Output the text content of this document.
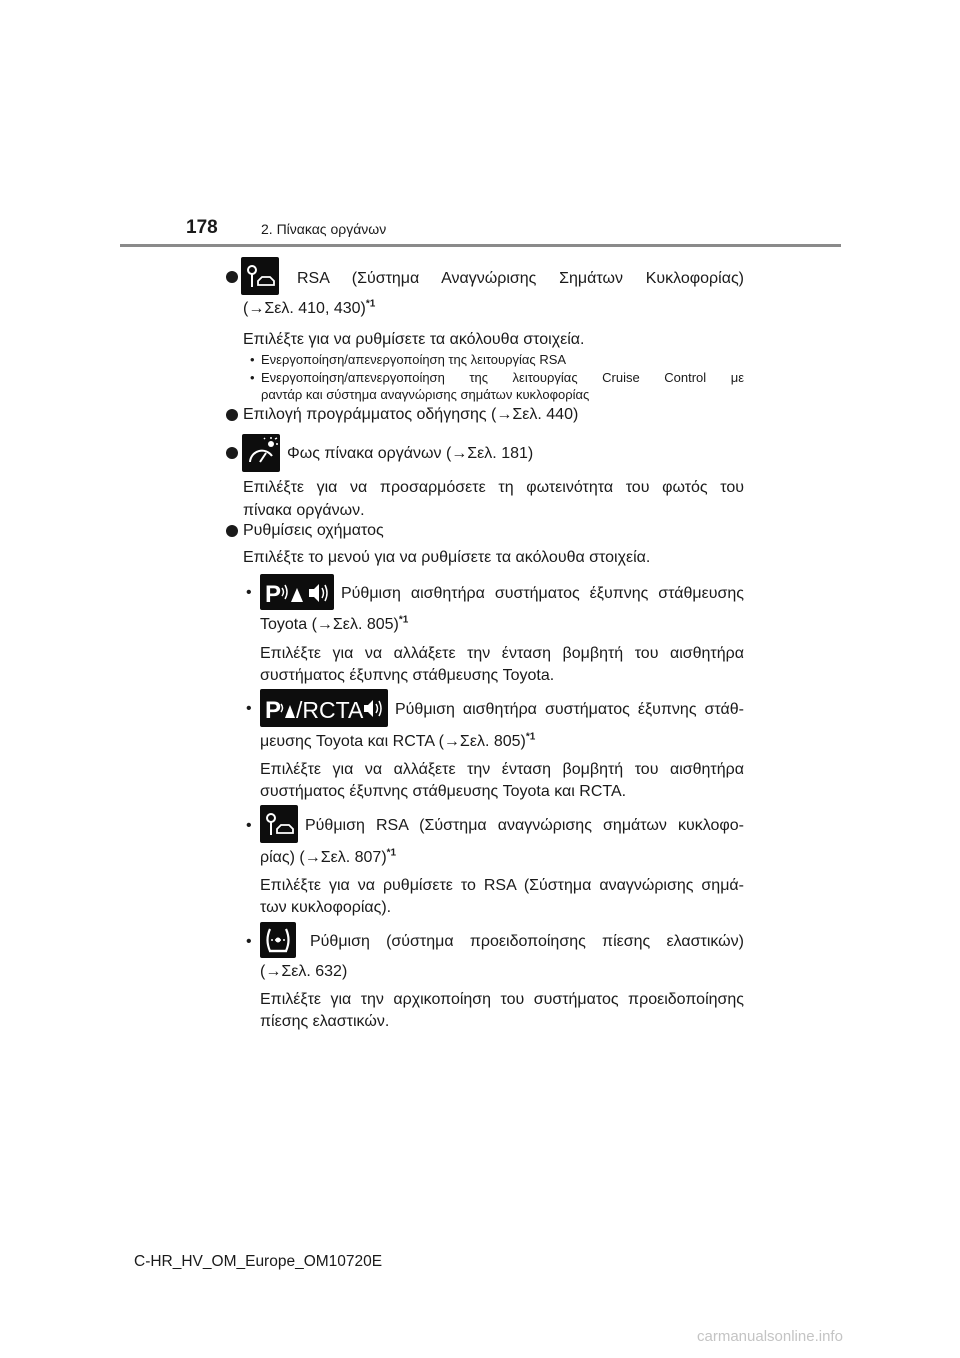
178	2. Πίνακας οργάνων
RSA (Σύστημα Αναγνώρισης Σημάτων Κυκλοφορίας)
(→Σελ. 410, 430)$^{*1}$
Επιλέξτε για να ρυθμίσετε τα ακόλουθα στοιχεία.
• Ενεργοποίηση/απενεργοποίηση της λειτουργίας RSA
• Ενεργοποίηση/απενεργοποίηση της λειτουργίας Cruise Control με
ραντάρ και σύστημα αναγνώρισης σημάτων κυκλοφορίας
Επιλογή προγράμματος οδήγησης (→Σελ. 440)
Φως πίνακα οργάνων (→Σελ. 181)
Επιλέξτε για να προσαρμόσετε τη φωτεινότητα του φωτός του
πίνακα οργάνων.
Ρυθμίσεις οχήματος
Επιλέξτε το μενού για να ρυθμίσετε τα ακόλουθα στοιχεία.
• P	Ρύθμιση αισθητήρα συστήματος έξυπνης στάθμευσης
Toyota (→Σελ. 805)$^{*1}$
Επιλέξτε για να αλλάξετε την ένταση βομβητή του αισθητήρα
συστήματος έξυπνης στάθμευσης Toyota.
• P /RCTA Ρύθμιση αισθητήρα συστήματος έξυπνης στάθ-
μευσης Toyota και RCTA (→Σελ. 805)$^{*1}$
Επιλέξτε για να αλλάξετε την ένταση βομβητή του αισθητήρα
συστήματος έξυπνης στάθμευσης Toyota και RCTA.
•	Ρύθμιση RSA (Σύστημα αναγνώρισης σημάτων κυκλοφο-
ρίας) (→Σελ. 807)$^{*1}$
Επιλέξτε για να ρυθμίσετε το RSA (Σύστημα αναγνώρισης σημά-
των κυκλοφορίας).
•	Ρύθμιση (σύστημα προειδοποίησης πίεσης ελαστικών)
(→Σελ. 632)
Επιλέξτε για την αρχικοποίηση του συστήματος προειδοποίησης
πίεσης ελαστικών.
C-HR_HV_OM_Europe_OM10720E
carmanualsonline.info
